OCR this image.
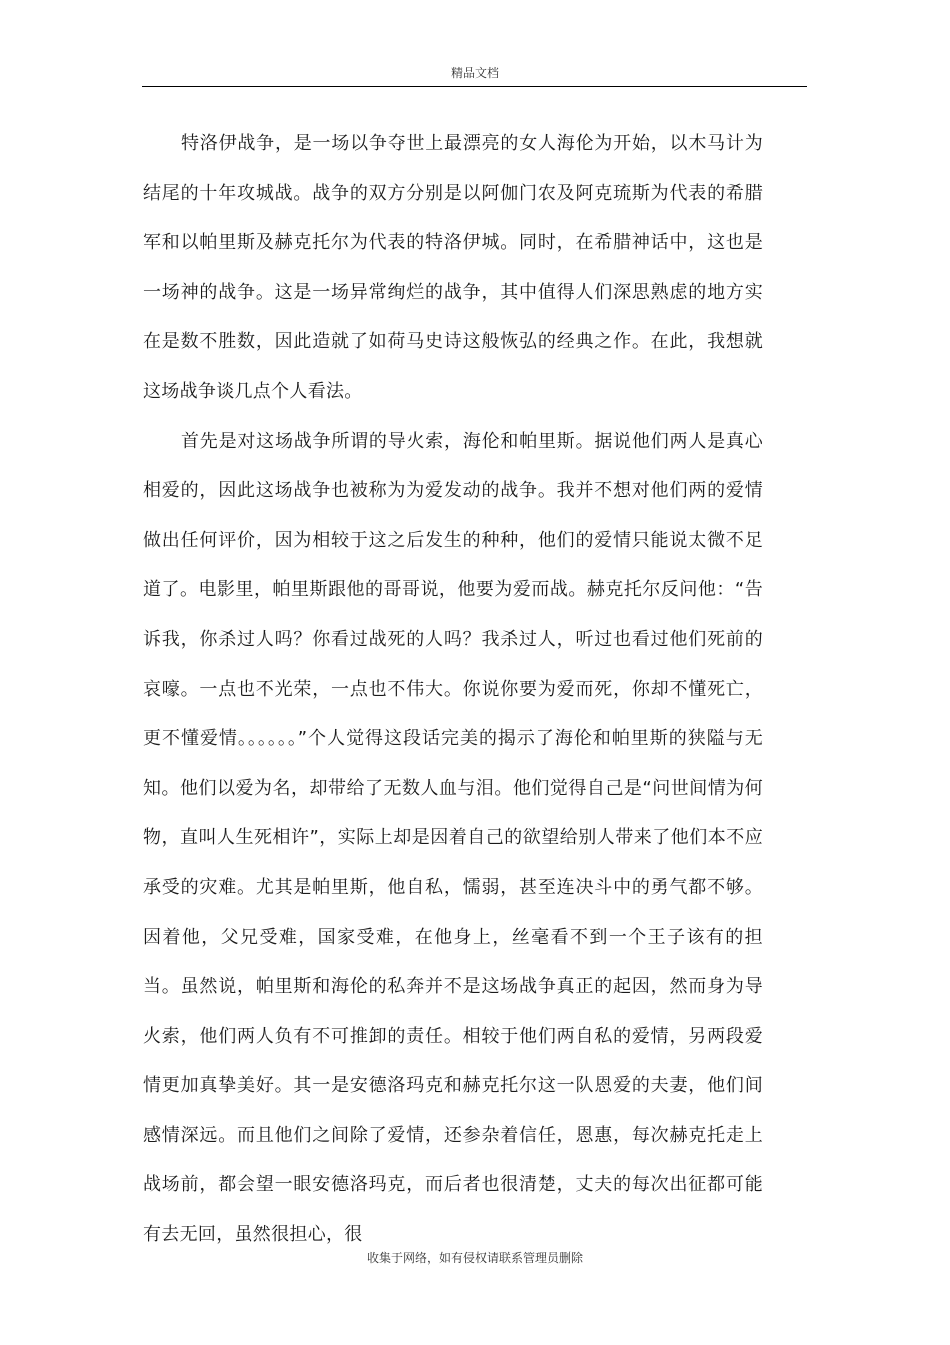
精品文档

特洛伊战争，是一场以争夺世上最漂亮的女人海伦为开始，以木马计为结尾的十年攻城战。战争的双方分别是以阿伽门农及阿克琉斯为代表的希腊军和以帕里斯及赫克托尔为代表的特洛伊城。同时，在希腊神话中，这也是一场神的战争。这是一场异常绚烂的战争，其中值得人们深思熟虑的地方实在是数不胜数，因此造就了如荷马史诗这般恢弘的经典之作。在此，我想就这场战争谈几点个人看法。

首先是对这场战争所谓的导火索，海伦和帕里斯。据说他们两人是真心相爱的，因此这场战争也被称为为爱发动的战争。我并不想对他们两的爱情做出任何评价，因为相较于这之后发生的种种，他们的爱情只能说太微不足道了。电影里，帕里斯跟他的哥哥说，他要为爱而战。赫克托尔反问他：“告诉我，你杀过人吗？你看过战死的人吗？我杀过人，听过也看过他们死前的哀嚎。一点也不光荣，一点也不伟大。你说你要为爱而死，你却不懂死亡，更不懂爱情。。。。。。”个人觉得这段话完美的揭示了海伦和帕里斯的狭隘与无知。他们以爱为名，却带给了无数人血与泪。他们觉得自己是“问世间情为何物，直叫人生死相许”，实际上却是因着自己的欲望给别人带来了他们本不应承受的灾难。尤其是帕里斯，他自私，懦弱，甚至连决斗中的勇气都不够。因着他，父兄受难，国家受难，在他身上，丝毫看不到一个王子该有的担当。虽然说，帕里斯和海伦的私奔并不是这场战争真正的起因，然而身为导火索，他们两人负有不可推卸的责任。相较于他们两自私的爱情，另两段爱情更加真挚美好。其一是安德洛玛克和赫克托尔这一队恩爱的夫妻，他们间感情深远。而且他们之间除了爱情，还参杂着信任，恩惠，每次赫克托走上战场前，都会望一眼安德洛玛克，而后者也很清楚，丈夫的每次出征都可能有去无回，虽然很担心，很

收集于网络，如有侵权请联系管理员删除
